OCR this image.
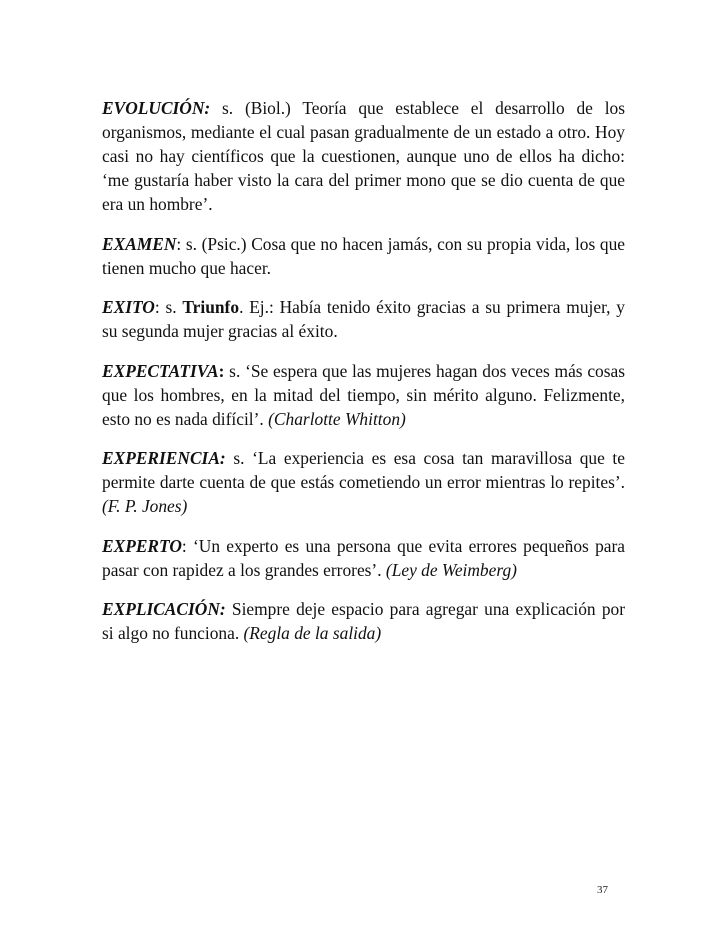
EVOLUCIÓN: s. (Biol.) Teoría que establece el desarrollo de los organismos, mediante el cual pasan gradualmente de un estado a otro. Hoy casi no hay científicos que la cuestionen, aunque uno de ellos ha dicho: ‘me gustaría haber visto la cara del primer mono que se dio cuenta de que era un hombre’.

EXAMEN: s. (Psic.) Cosa que no hacen jamás, con su propia vida, los que tienen mucho que hacer.

EXITO: s. Triunfo. Ej.: Había tenido éxito gracias a su primera mujer, y su segunda mujer gracias al éxito.

EXPECTATIVA: s. ‘Se espera que las mujeres hagan dos veces más cosas que los hombres, en la mitad del tiempo, sin mérito alguno. Felizmente, esto no es nada difícil’. (Charlotte Whitton)

EXPERIENCIA: s. ‘La experiencia es esa cosa tan maravillosa que te permite darte cuenta de que estás cometiendo un error mientras lo repites’. (F. P. Jones)

EXPERTO: ‘Un experto es una persona que evita errores pequeños para pasar con rapidez a los grandes errores’. (Ley de Weimberg)

EXPLICACIÓN: Siempre deje espacio para agregar una explicación por si algo no funciona. (Regla de la salida)

37
